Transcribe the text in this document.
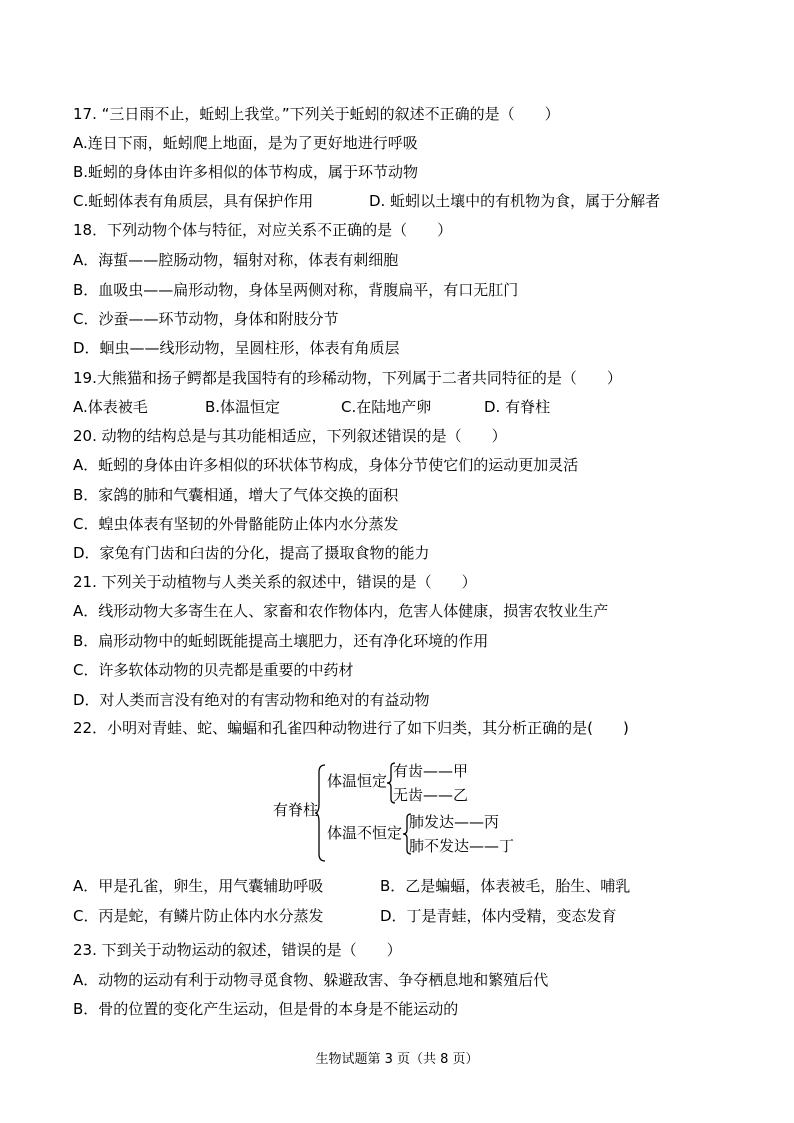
17. “三日雨不止，蚯蚓上我堂。”下列关于蚯蚓的叙述不正确的是（　　）
A.连日下雨，蚯蚓爬上地面，是为了更好地进行呼吸
B.蚯蚓的身体由许多相似的体节构成，属于环节动物
C.蚯蚓体表有角质层，具有保护作用	D. 蚯蚓以土壤中的有机物为食，属于分解者
18．下列动物个体与特征，对应关系不正确的是（　　）
A．海蜇——腔肠动物，辐射对称，体表有刺细胞
B．血吸虫——扁形动物，身体呈两侧对称，背腹扁平，有口无肛门
C．沙蚕——环节动物，身体和附肢分节
D．蛔虫——线形动物，呈圆柱形，体表有角质层
19.大熊猫和扬子鳄都是我国特有的珍稀动物，下列属于二者共同特征的是（　　）
A.体表被毛	B.体温恒定	C.在陆地产卵	D. 有脊柱
20. 动物的结构总是与其功能相适应，下列叙述错误的是（　　）
A．蚯蚓的身体由许多相似的环状体节构成，身体分节使它们的运动更加灵活
B．家鸽的肺和气囊相通，增大了气体交换的面积
C．蝗虫体表有坚韧的外骨骼能防止体内水分蒸发
D．家兔有门齿和臼齿的分化，提高了摄取食物的能力
21. 下列关于动植物与人类关系的叙述中，错误的是（　　）
A．线形动物大多寄生在人、家畜和农作物体内，危害人体健康，损害农牧业生产
B．扁形动物中的蚯蚓既能提高土壤肥力，还有净化环境的作用
C．许多软体动物的贝壳都是重要的中药材
D．对人类而言没有绝对的有害动物和绝对的有益动物
22．小明对青蛙、蛇、蝙蝠和孔雀四种动物进行了如下归类，其分析正确的是(　　)
有脊柱
体温恒定
有齿——甲
无齿——乙
体温不恒定
肺发达——丙
肺不发达——丁
A．甲是孔雀，卵生，用气囊辅助呼吸	B．乙是蝙蝠，体表被毛，胎生、哺乳
C．丙是蛇，有鳞片防止体内水分蒸发	D．丁是青蛙，体内受精，变态发育
23. 下到关于动物运动的叙述，错误的是（　　）
A．动物的运动有利于动物寻觅食物、躲避敌害、争夺栖息地和繁殖后代
B．骨的位置的变化产生运动，但是骨的本身是不能运动的
生物试题第 3 页（共 8 页）
